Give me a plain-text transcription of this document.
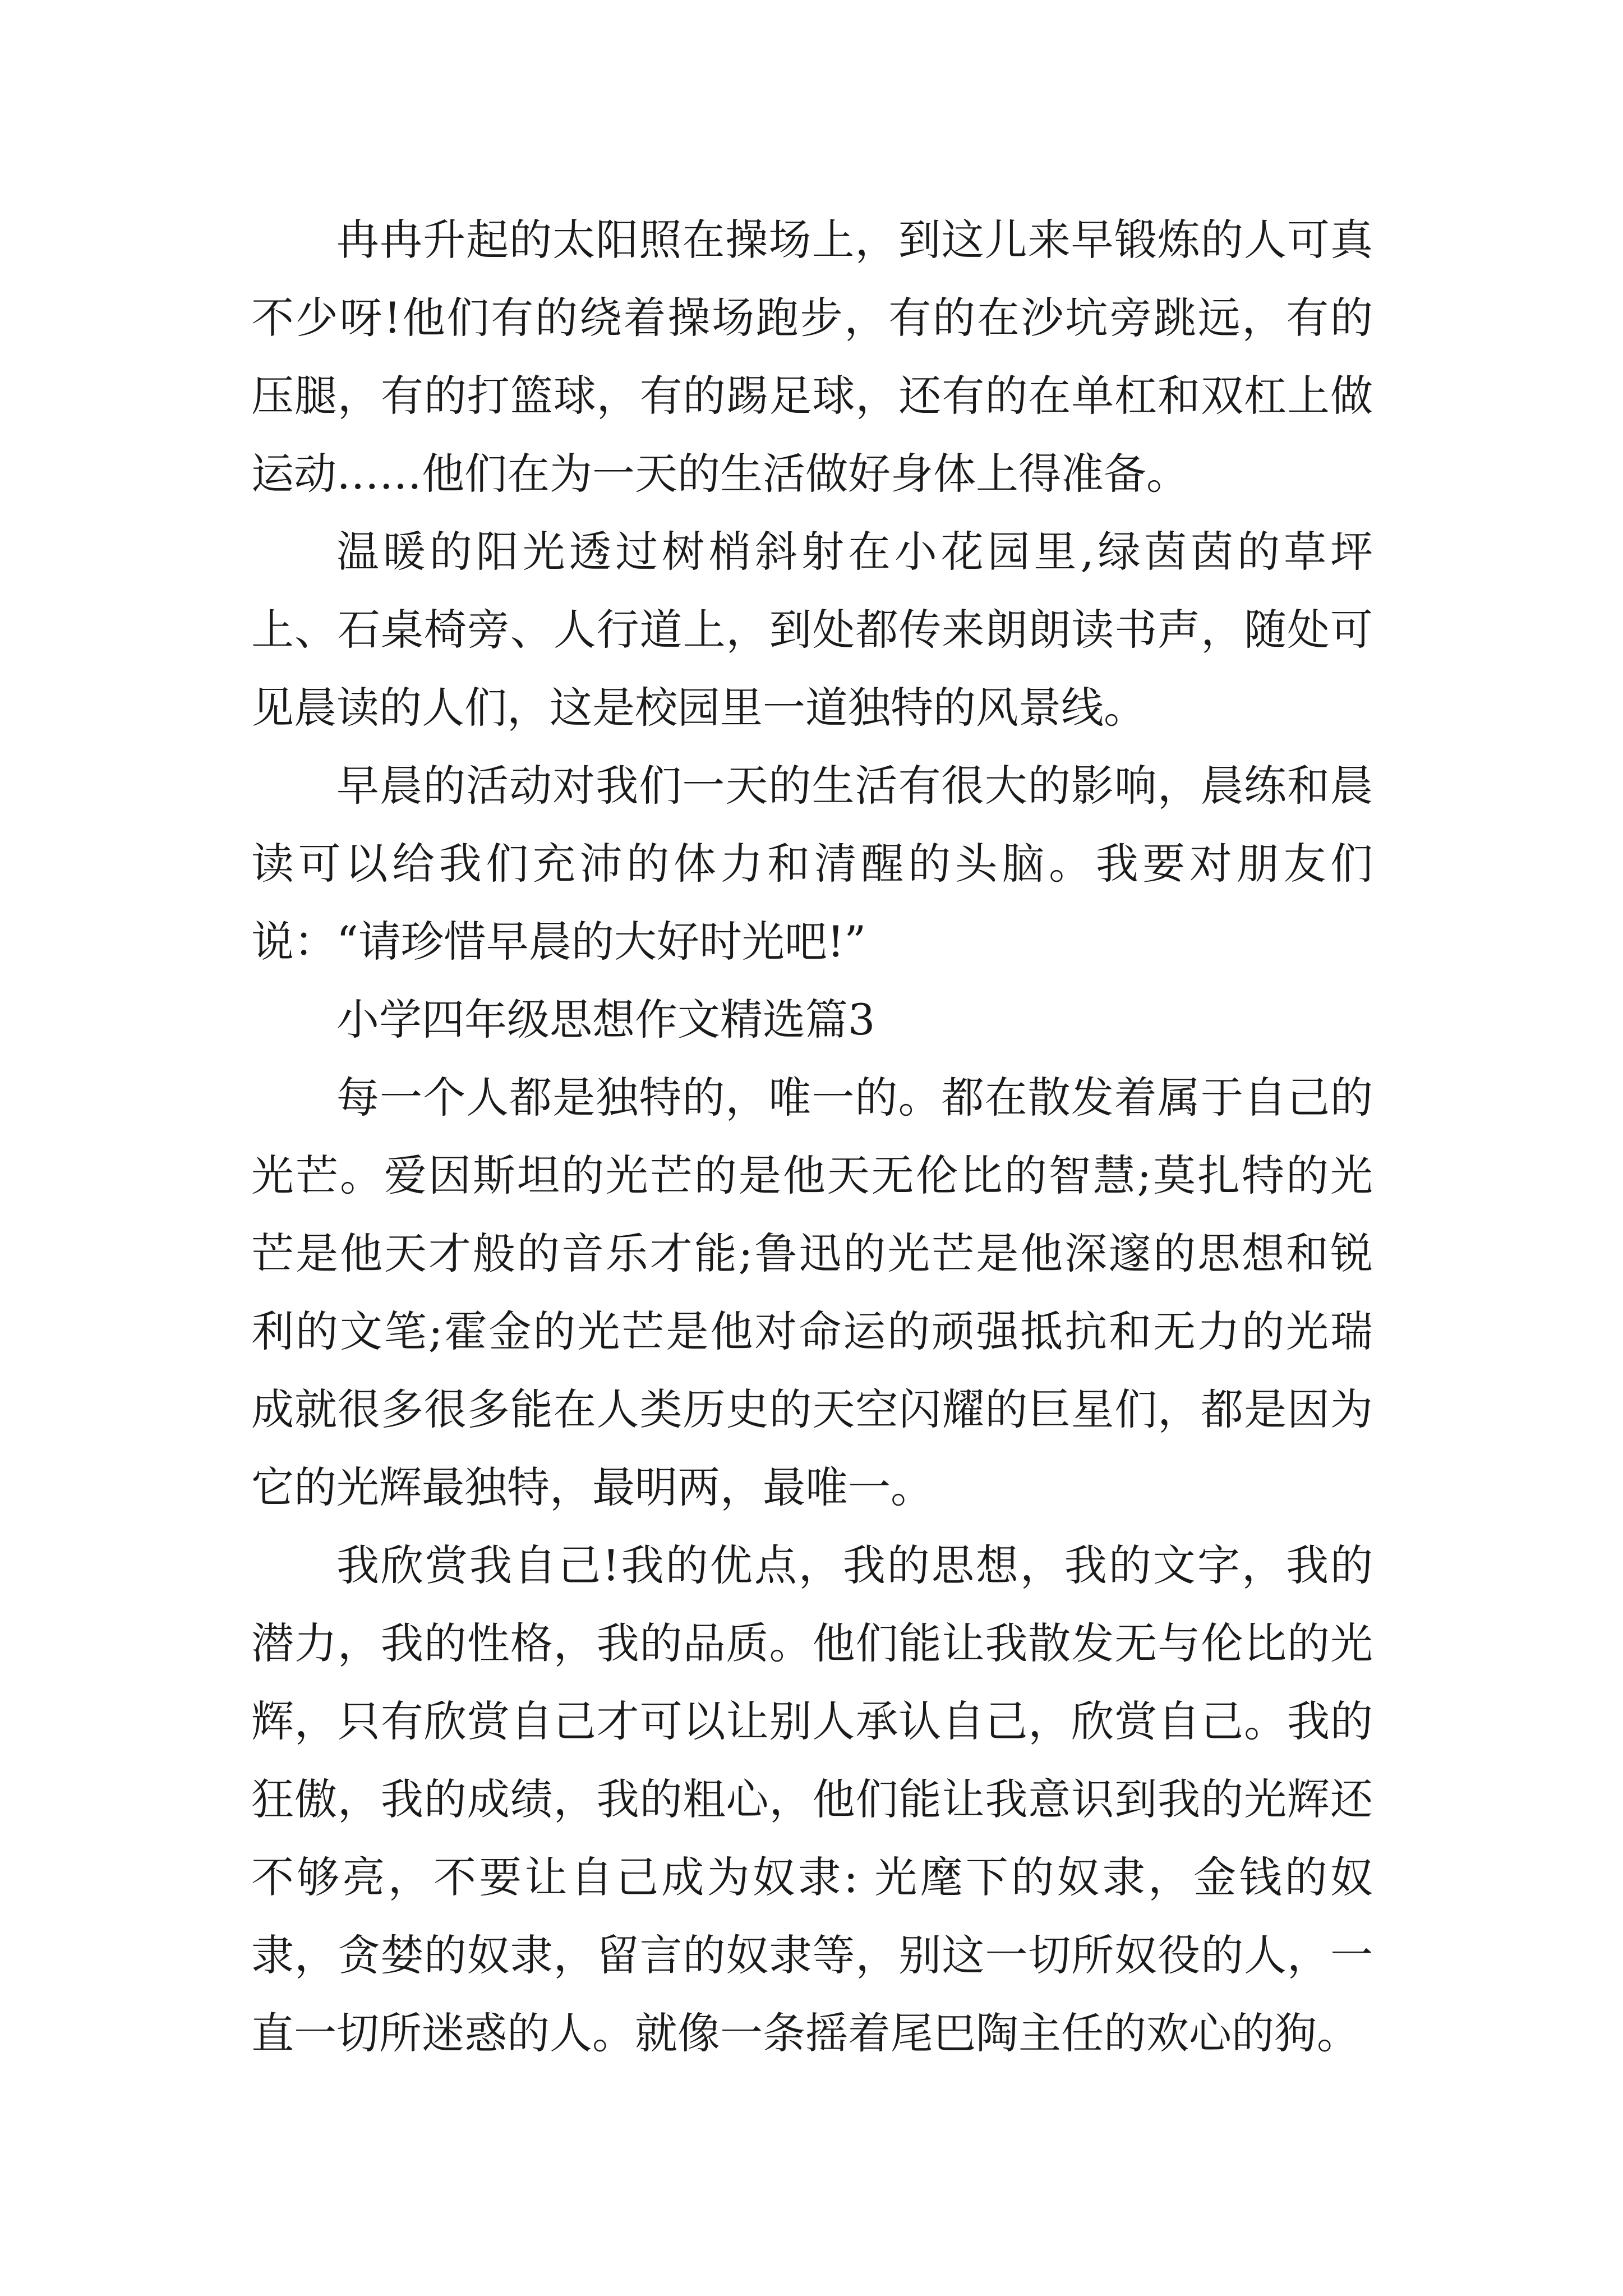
冉冉升起的太阳照在操场上，到这儿来早锻炼的人可真不少呀!他们有的绕着操场跑步，有的在沙坑旁跳远，有的压腿，有的打篮球，有的踢足球，还有的在单杠和双杠上做运动……他们在为一天的生活做好身体上得准备。

温暖的阳光透过树梢斜射在小花园里,绿茵茵的草坪上、石桌椅旁、人行道上，到处都传来朗朗读书声，随处可见晨读的人们，这是校园里一道独特的风景线。

早晨的活动对我们一天的生活有很大的影响，晨练和晨读可以给我们充沛的体力和清醒的头脑。我要对朋友们说：“请珍惜早晨的大好时光吧!”

小学四年级思想作文精选篇3

每一个人都是独特的，唯一的。都在散发着属于自己的光芒。爱因斯坦的光芒的是他天无伦比的智慧;莫扎特的光芒是他天才般的音乐才能;鲁迅的光芒是他深邃的思想和锐利的文笔;霍金的光芒是他对命运的顽强抵抗和无力的光瑞成就很多很多能在人类历史的天空闪耀的巨星们，都是因为它的光辉最独特，最明两，最唯一。

我欣赏我自己!我的优点，我的思想，我的文字，我的潜力，我的性格，我的品质。他们能让我散发无与伦比的光辉，只有欣赏自己才可以让别人承认自己，欣赏自己。我的狂傲，我的成绩，我的粗心，他们能让我意识到我的光辉还不够亮，不要让自己成为奴隶: 光麾下的奴隶，金钱的奴隶，贪婪的奴隶，留言的奴隶等，别这一切所奴役的人，一直一切所迷惑的人。就像一条摇着尾巴陶主任的欢心的狗。
